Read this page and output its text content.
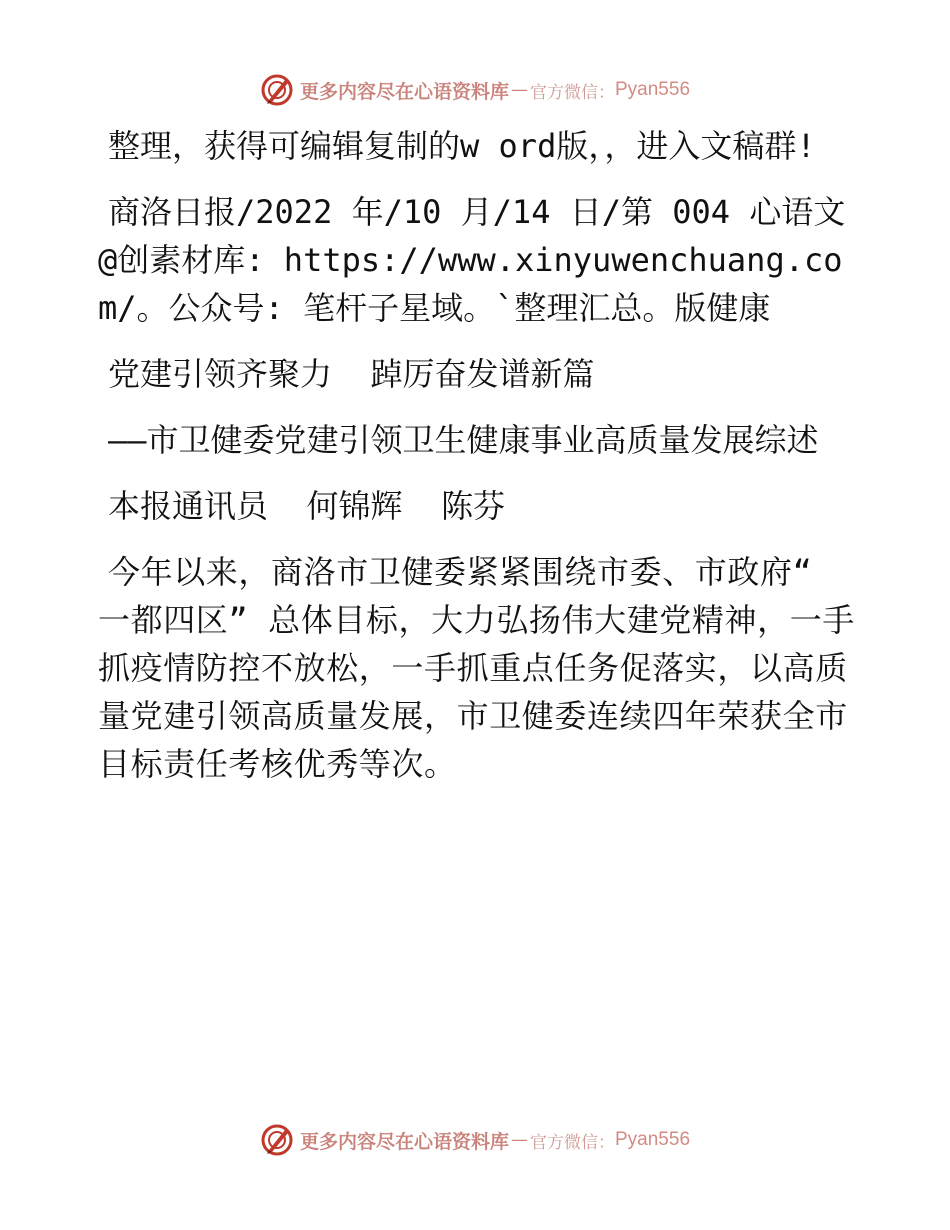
更多内容尽在心语资料库 — 官方微信： Pyan556

整理，获得可编辑复制的w ord版，，进入文稿群!

商洛日报/2022 年/10 月/14 日/第 004 心语文@创素材库: https://www.xinyuwenchuang.com/。公众号: 笔杆子星域。`整理汇总。版健康

党建引领齐聚力  踔厉奋发谱新篇

——市卫健委党建引领卫生健康事业高质量发展综述

本报通讯员  何锦辉  陈芬

今年以来，商洛市卫健委紧紧围绕市委、市政府“ 一都四区” 总体目标，大力弘扬伟大建党精神，一手抓疫情防控不放松，一手抓重点任务促落实，以高质量党建引领高质量发展，市卫健委连续四年荣获全市目标责任考核优秀等次。

更多内容尽在心语资料库 — 官方微信： Pyan556
